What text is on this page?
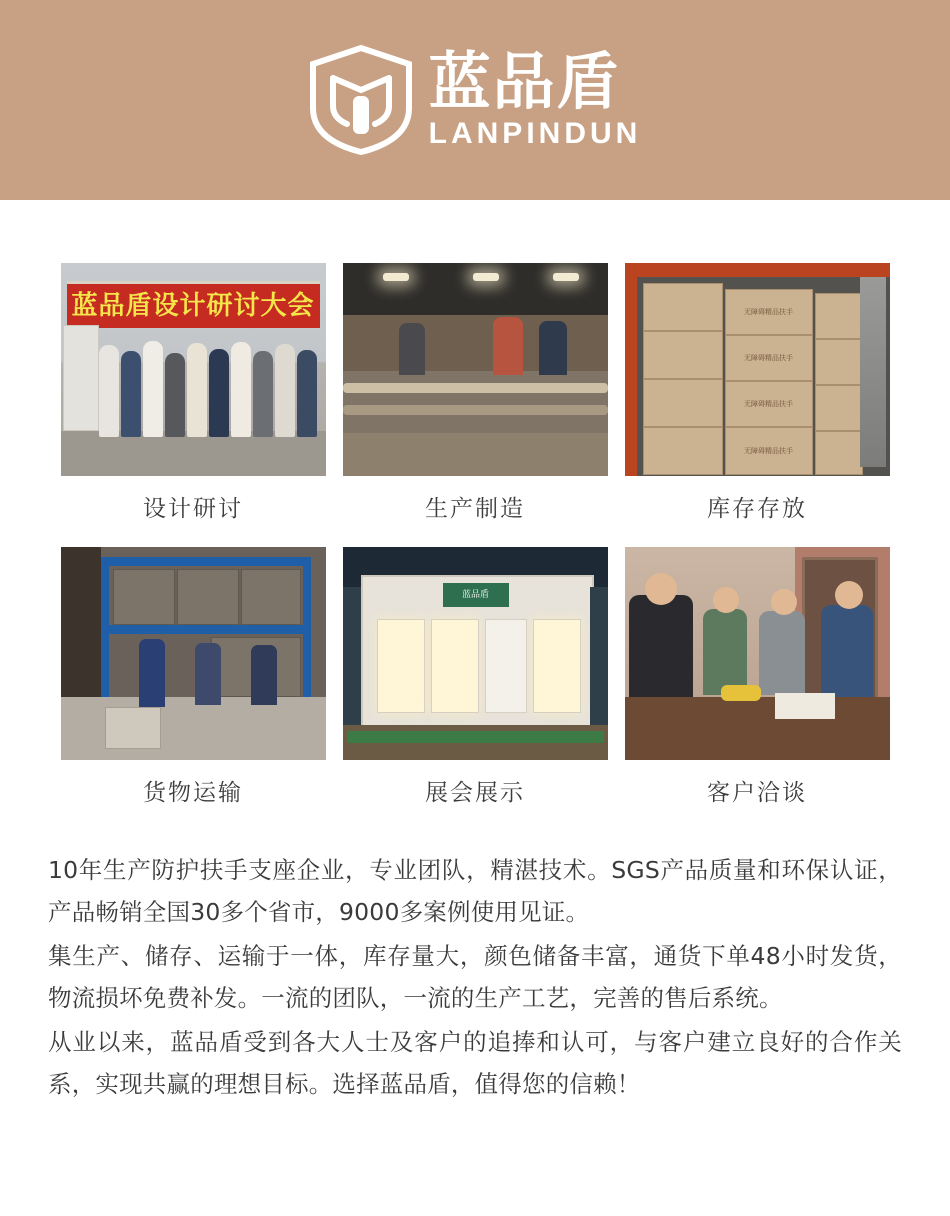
蓝品盾
LANPINDUN
蓝品盾设计研讨大会
设计研讨	生产制造
无障碍精品扶手
无障碍精品扶手
无障碍精品扶手
无障碍精品扶手
库存存放
货物运输
蓝品盾
展会展示	客户洽谈

10年生产防护扶手支座企业，专业团队，精湛技术。SGS产品质量和环保认证，产品畅销全国30多个省市，9000多案例使用见证。

集生产、储存、运输于一体，库存量大，颜色储备丰富，通货下单48小时发货，物流损坏免费补发。一流的团队，一流的生产工艺，完善的售后系统。

从业以来，蓝品盾受到各大人士及客户的追捧和认可，与客户建立良好的合作关系，实现共赢的理想目标。选择蓝品盾，值得您的信赖！
